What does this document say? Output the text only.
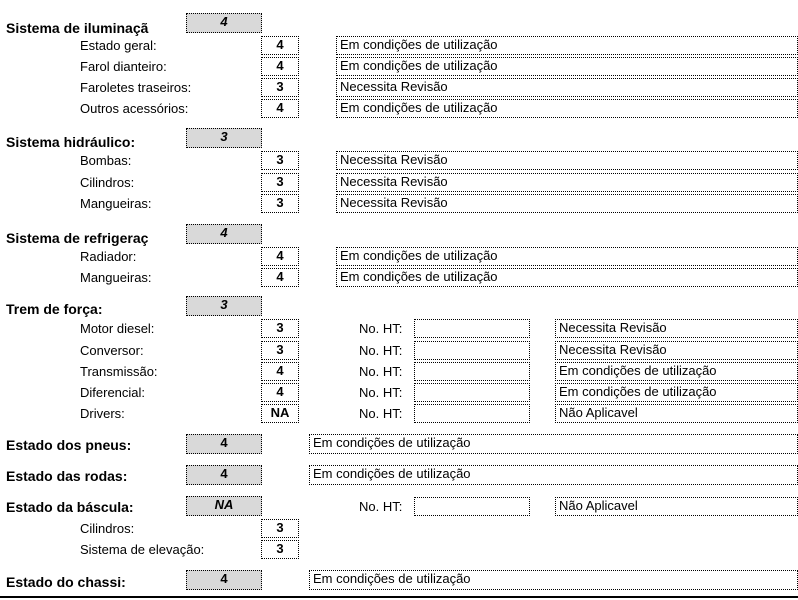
Sistema de iluminaçã	4
Estado geral:	4	Em condições de utilização
Farol dianteiro:	4	Em condições de utilização
Faroletes traseiros:	3	Necessita Revisão
Outros acessórios:	4	Em condições de utilização
Sistema hidráulico:	3
Bombas:	3	Necessita Revisão
Cilindros:	3	Necessita Revisão
Mangueiras:	3	Necessita Revisão
Sistema de refrigeraç	4
Radiador:	4	Em condições de utilização
Mangueiras:	4	Em condições de utilização
Trem de força:	3
Motor diesel:	3	No. HT:	Necessita Revisão
Conversor:	3	No. HT:	Necessita Revisão
Transmissão:	4	No. HT:	Em condições de utilização
Diferencial:	4	No. HT:	Em condições de utilização
Drivers:	NA	No. HT:	Não Aplicavel
Estado dos pneus:	4	Em condições de utilização
Estado das rodas:	4	Em condições de utilização
Estado da báscula:	NA	No. HT:	Não Aplicavel
Cilindros:	3
Sistema de elevação:	3
Estado do chassi:	4	Em condições de utilização
